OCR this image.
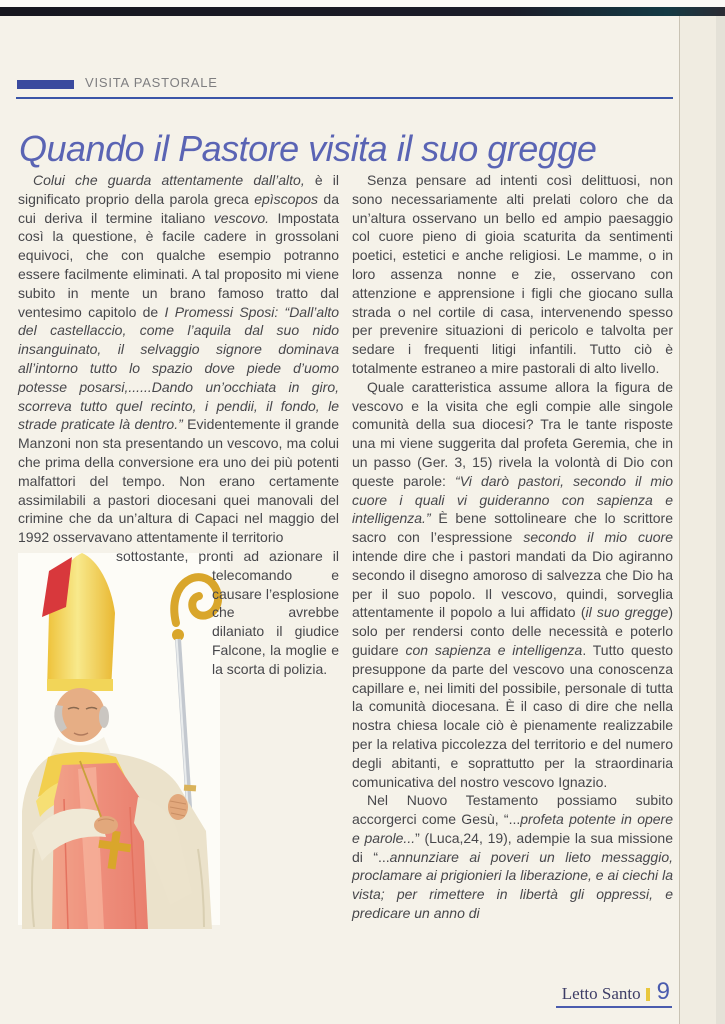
VISITA PASTORALE
Quando il Pastore visita il suo gregge

Colui che guarda attentamente dall’alto, è il significato proprio della parola greca epìscopos da cui deriva il termine italiano vescovo. Impostata così la questione, è facile cadere in grossolani equivoci, che con qualche esempio potranno essere facilmente eliminati. A tal proposito mi viene subito in mente un brano famoso tratto dal ventesimo capitolo de I Promessi Sposi: “Dall’alto del castellaccio, come l’aquila dal suo nido insanguinato, il selvaggio signore dominava all’intorno tutto lo spazio dove piede d’uomo potesse posarsi,......Dando un’occhiata in giro, scorreva tutto quel recinto, i pendii, il fondo, le strade praticate là dentro.” Evidentemente il grande Manzoni non sta presentando un vescovo, ma colui che prima della conversione era uno dei più potenti malfattori del tempo. Non erano certamente assimilabili a pastori diocesani quei manovali del crimine che da un’altura di Capaci nel maggio del 1992 osservavano attentamente il territorio

sottostante, pronti ad azionare il telecomando e causare l’esplosione che avrebbe dilaniato il giudice Falcone, la moglie e la scorta di polizia.

Senza pensare ad intenti così delittuosi, non sono necessariamente alti prelati coloro che da un’altura osservano un bello ed ampio paesaggio col cuore pieno di gioia scaturita da sentimenti poetici, estetici e anche religiosi. Le mamme, o in loro assenza nonne e zie, osservano con attenzione e apprensione i figli che giocano sulla strada o nel cortile di casa, intervenendo spesso per prevenire situazioni di pericolo e talvolta per sedare i frequenti litigi infantili. Tutto ciò è totalmente estraneo a mire pastorali di alto livello.

Quale caratteristica assume allora la figura de vescovo e la visita che egli compie alle singole comunità della sua diocesi? Tra le tante risposte una mi viene suggerita dal profeta Geremia, che in un passo (Ger. 3, 15) rivela la volontà di Dio con queste parole: “Vi darò pastori, secondo il mio cuore i quali vi guideranno con sapienza e intelligenza.” È bene sottolineare che lo scrittore sacro con l’espressione secondo il mio cuore intende dire che i pastori mandati da Dio agiranno secondo il disegno amoroso di salvezza che Dio ha per il suo popolo. Il vescovo, quindi, sorveglia attentamente il popolo a lui affidato (il suo gregge) solo per rendersi conto delle necessità e poterlo guidare con sapienza e intelligenza. Tutto questo presuppone da parte del vescovo una conoscenza capillare e, nei limiti del possibile, personale di tutta la comunità diocesana. È il caso di dire che nella nostra chiesa locale ciò è pienamente realizzabile per la relativa piccolezza del territorio e del numero degli abitanti, e soprattutto per la straordinaria comunicativa del nostro vescovo Ignazio.

Nel Nuovo Testamento possiamo subito accorgerci come Gesù, “...profeta potente in opere e parole...” (Luca,24, 19), adempie la sua missione di “...annunziare ai poveri un lieto messaggio, proclamare ai prigionieri la liberazione, e ai ciechi la vista; per rimettere in libertà gli oppressi, e predicare un anno di

Letto Santo 9
